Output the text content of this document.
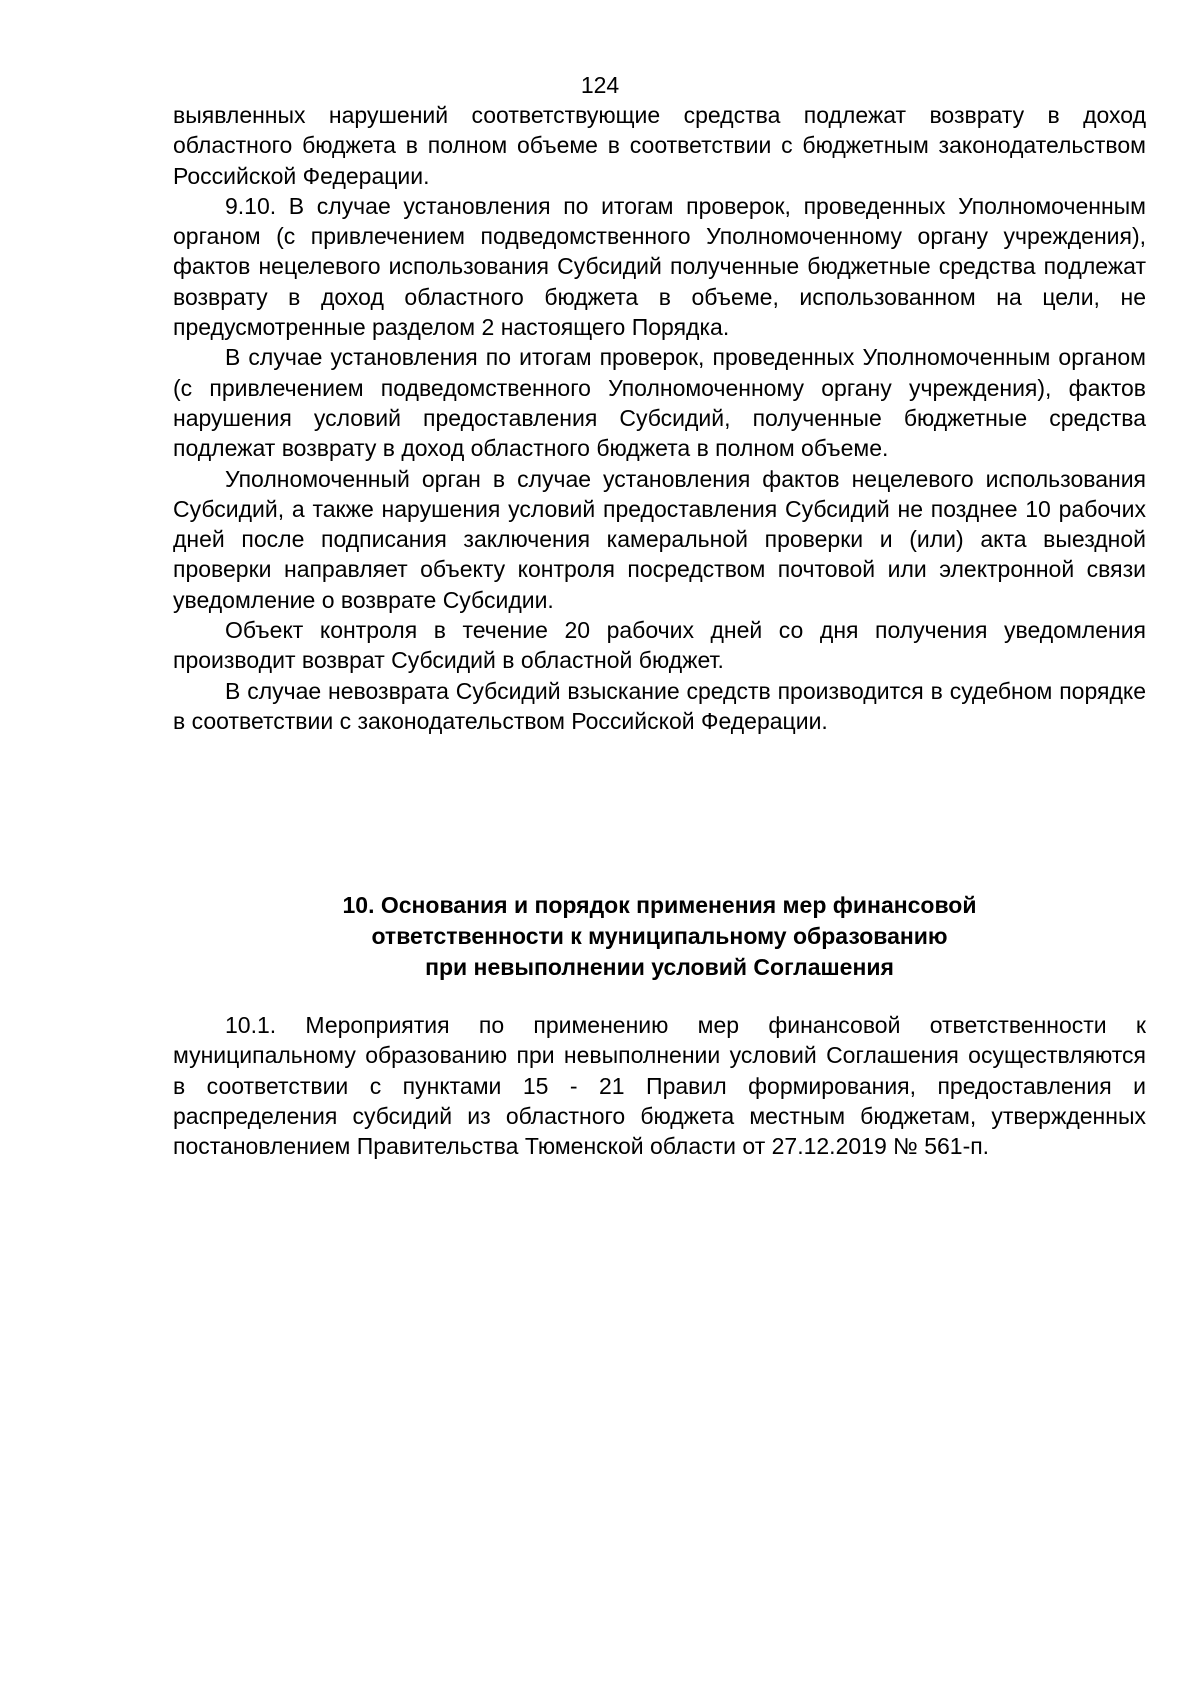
124

выявленных нарушений соответствующие средства подлежат возврату в доход областного бюджета в полном объеме в соответствии с бюджетным законодательством Российской Федерации.

9.10. В случае установления по итогам проверок, проведенных Уполномоченным органом (с привлечением подведомственного Уполномоченному органу учреждения), фактов нецелевого использования Субсидий полученные бюджетные средства подлежат возврату в доход областного бюджета в объеме, использованном на цели, не предусмотренные разделом 2 настоящего Порядка.

В случае установления по итогам проверок, проведенных Уполномоченным органом (с привлечением подведомственного Уполномоченному органу учреждения), фактов нарушения условий предоставления Субсидий, полученные бюджетные средства подлежат возврату в доход областного бюджета в полном объеме.

Уполномоченный орган в случае установления фактов нецелевого использования Субсидий, а также нарушения условий предоставления Субсидий не позднее 10 рабочих дней после подписания заключения камеральной проверки и (или) акта выездной проверки направляет объекту контроля посредством почтовой или электронной связи уведомление о возврате Субсидии.

Объект контроля в течение 20 рабочих дней со дня получения уведомления производит возврат Субсидий в областной бюджет.

В случае невозврата Субсидий взыскание средств производится в судебном порядке в соответствии с законодательством Российской Федерации.

10. Основания и порядок применения мер финансовой
ответственности к муниципальному образованию
при невыполнении условий Соглашения

10.1. Мероприятия по применению мер финансовой ответственности к муниципальному образованию при невыполнении условий Соглашения осуществляются в соответствии с пунктами 15 - 21 Правил формирования, предоставления и распределения субсидий из областного бюджета местным бюджетам, утвержденных постановлением Правительства Тюменской области от 27.12.2019 № 561-п.
